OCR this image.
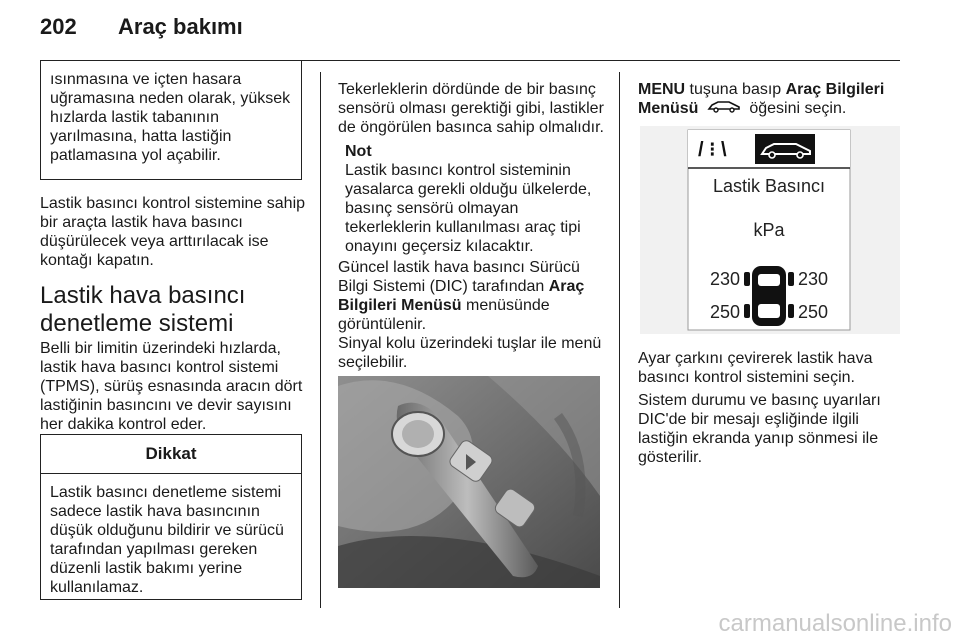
202 Araç bakımı

ısınmasına ve içten hasara

uğramasına neden olarak, yüksek

hızlarda lastik tabanının

yarılmasına, hatta lastiğin

patlamasına yol açabilir.

Lastik basıncı kontrol sistemine sahip

bir araçta lastik hava basıncı

düşürülecek veya arttırılacak ise

kontağı kapatın.

Lastik hava basıncı
denetleme sistemi

Belli bir limitin üzerindeki hızlarda,

lastik hava basıncı kontrol sistemi

(TPMS), sürüş esnasında aracın dört

lastiğinin basıncını ve devir sayısını

her dakika kontrol eder.

Dikkat

Lastik basıncı denetleme sistemi

sadece lastik hava basıncının

düşük olduğunu bildirir ve sürücü

tarafından yapılması gereken

düzenli lastik bakımı yerine

kullanılamaz.

Tekerleklerin dördünde de bir basınç

sensörü olması gerektiği gibi, lastikler

de öngörülen basınca sahip olmalıdır.

Not

Lastik basıncı kontrol sisteminin

yasalarca gerekli olduğu ülkelerde,

basınç sensörü olmayan

tekerleklerin kullanılması araç tipi

onayını geçersiz kılacaktır.

Güncel lastik hava basıncı Sürücü

Bilgi Sistemi (DIC) tarafından Araç

Bilgileri Menüsü menüsünde

görüntülenir.

Sinyal kolu üzerindeki tuşlar ile menü

seçilebilir.

MENU tuşuna basıp Araç Bilgileri

Menüsü	öğesini seçin.

/ ⁝ \
Lastik Basıncı
kPa
230	230
250	250

Ayar çarkını çevirerek lastik hava

basıncı kontrol sistemini seçin.

Sistem durumu ve basınç uyarıları

DIC'de bir mesajı eşliğinde ilgili

lastiğin ekranda yanıp sönmesi ile

gösterilir.

carmanualsonline.info
